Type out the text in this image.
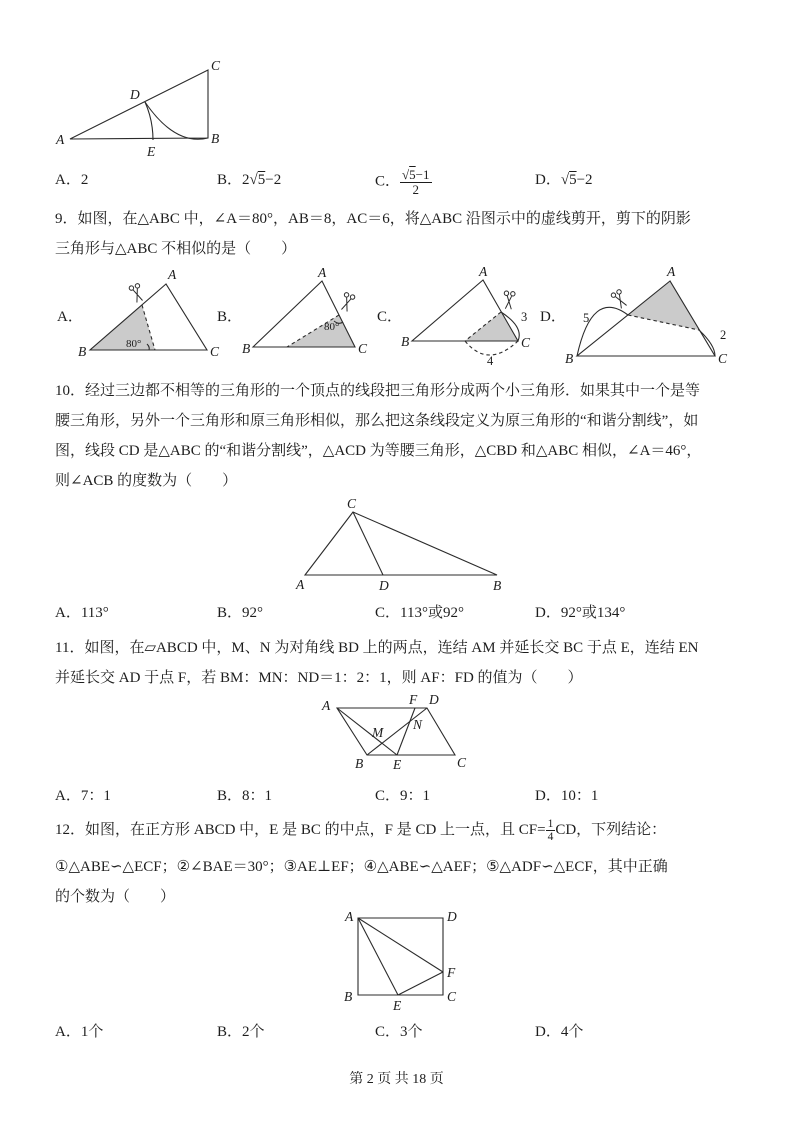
A	B
C
D
E
A．2	B．2√5−2	C． $\frac{√5-1}{2}$	D．√5−2
9．如图，在△ABC 中，∠A＝80°，AB＝8，AC＝6，将△ABC 沿图示中的虚线剪开，剪下的阴影
三角形与△ABC 不相似的是（　　）
A．
80°
A
B	C
B．
80°
A
B	C
C．	3
4
A
B	C
D． 5
2
A
B	C
10．经过三边都不相等的三角形的一个顶点的线段把三角形分成两个小三角形．如果其中一个是等
腰三角形，另外一个三角形和原三角形相似，那么把这条线段定义为原三角形的“和谐分割线”，如
图，线段 CD 是△ABC 的“和谐分割线”，△ACD 为等腰三角形，△CBD 和△ABC 相似，∠A＝46°，
则∠ACB 的度数为（　　）
C
A	D	B
A．113°	B．92°	C．113°或92°	D．92°或134°
11．如图，在▱ABCD 中，M、N 为对角线 BD 上的两点，连结 AM 并延长交 BC 于点 E，连结 EN
并延长交 AD 于点 F，若 BM：MN：ND＝1：2：1，则 AF：FD 的值为（　　）
A	F D
M
N
B E	C
A．7：1	B．8：1	C．9：1	D．10：1
12．如图，在正方形 ABCD 中，E 是 BC 的中点，F 是 CD 上一点，且 $CF= \frac{1}{4}$ CD，下列结论：
①△ABE∽△ECF；②∠BAE＝30°；③AE⊥EF；④△ABE∽△AEF；⑤△ADF∽△ECF，其中正确
的个数为（　　）
A	D
B	C
E
F
A．1个	B．2个	C．3个	D．4个
第 2 页 共 18 页
